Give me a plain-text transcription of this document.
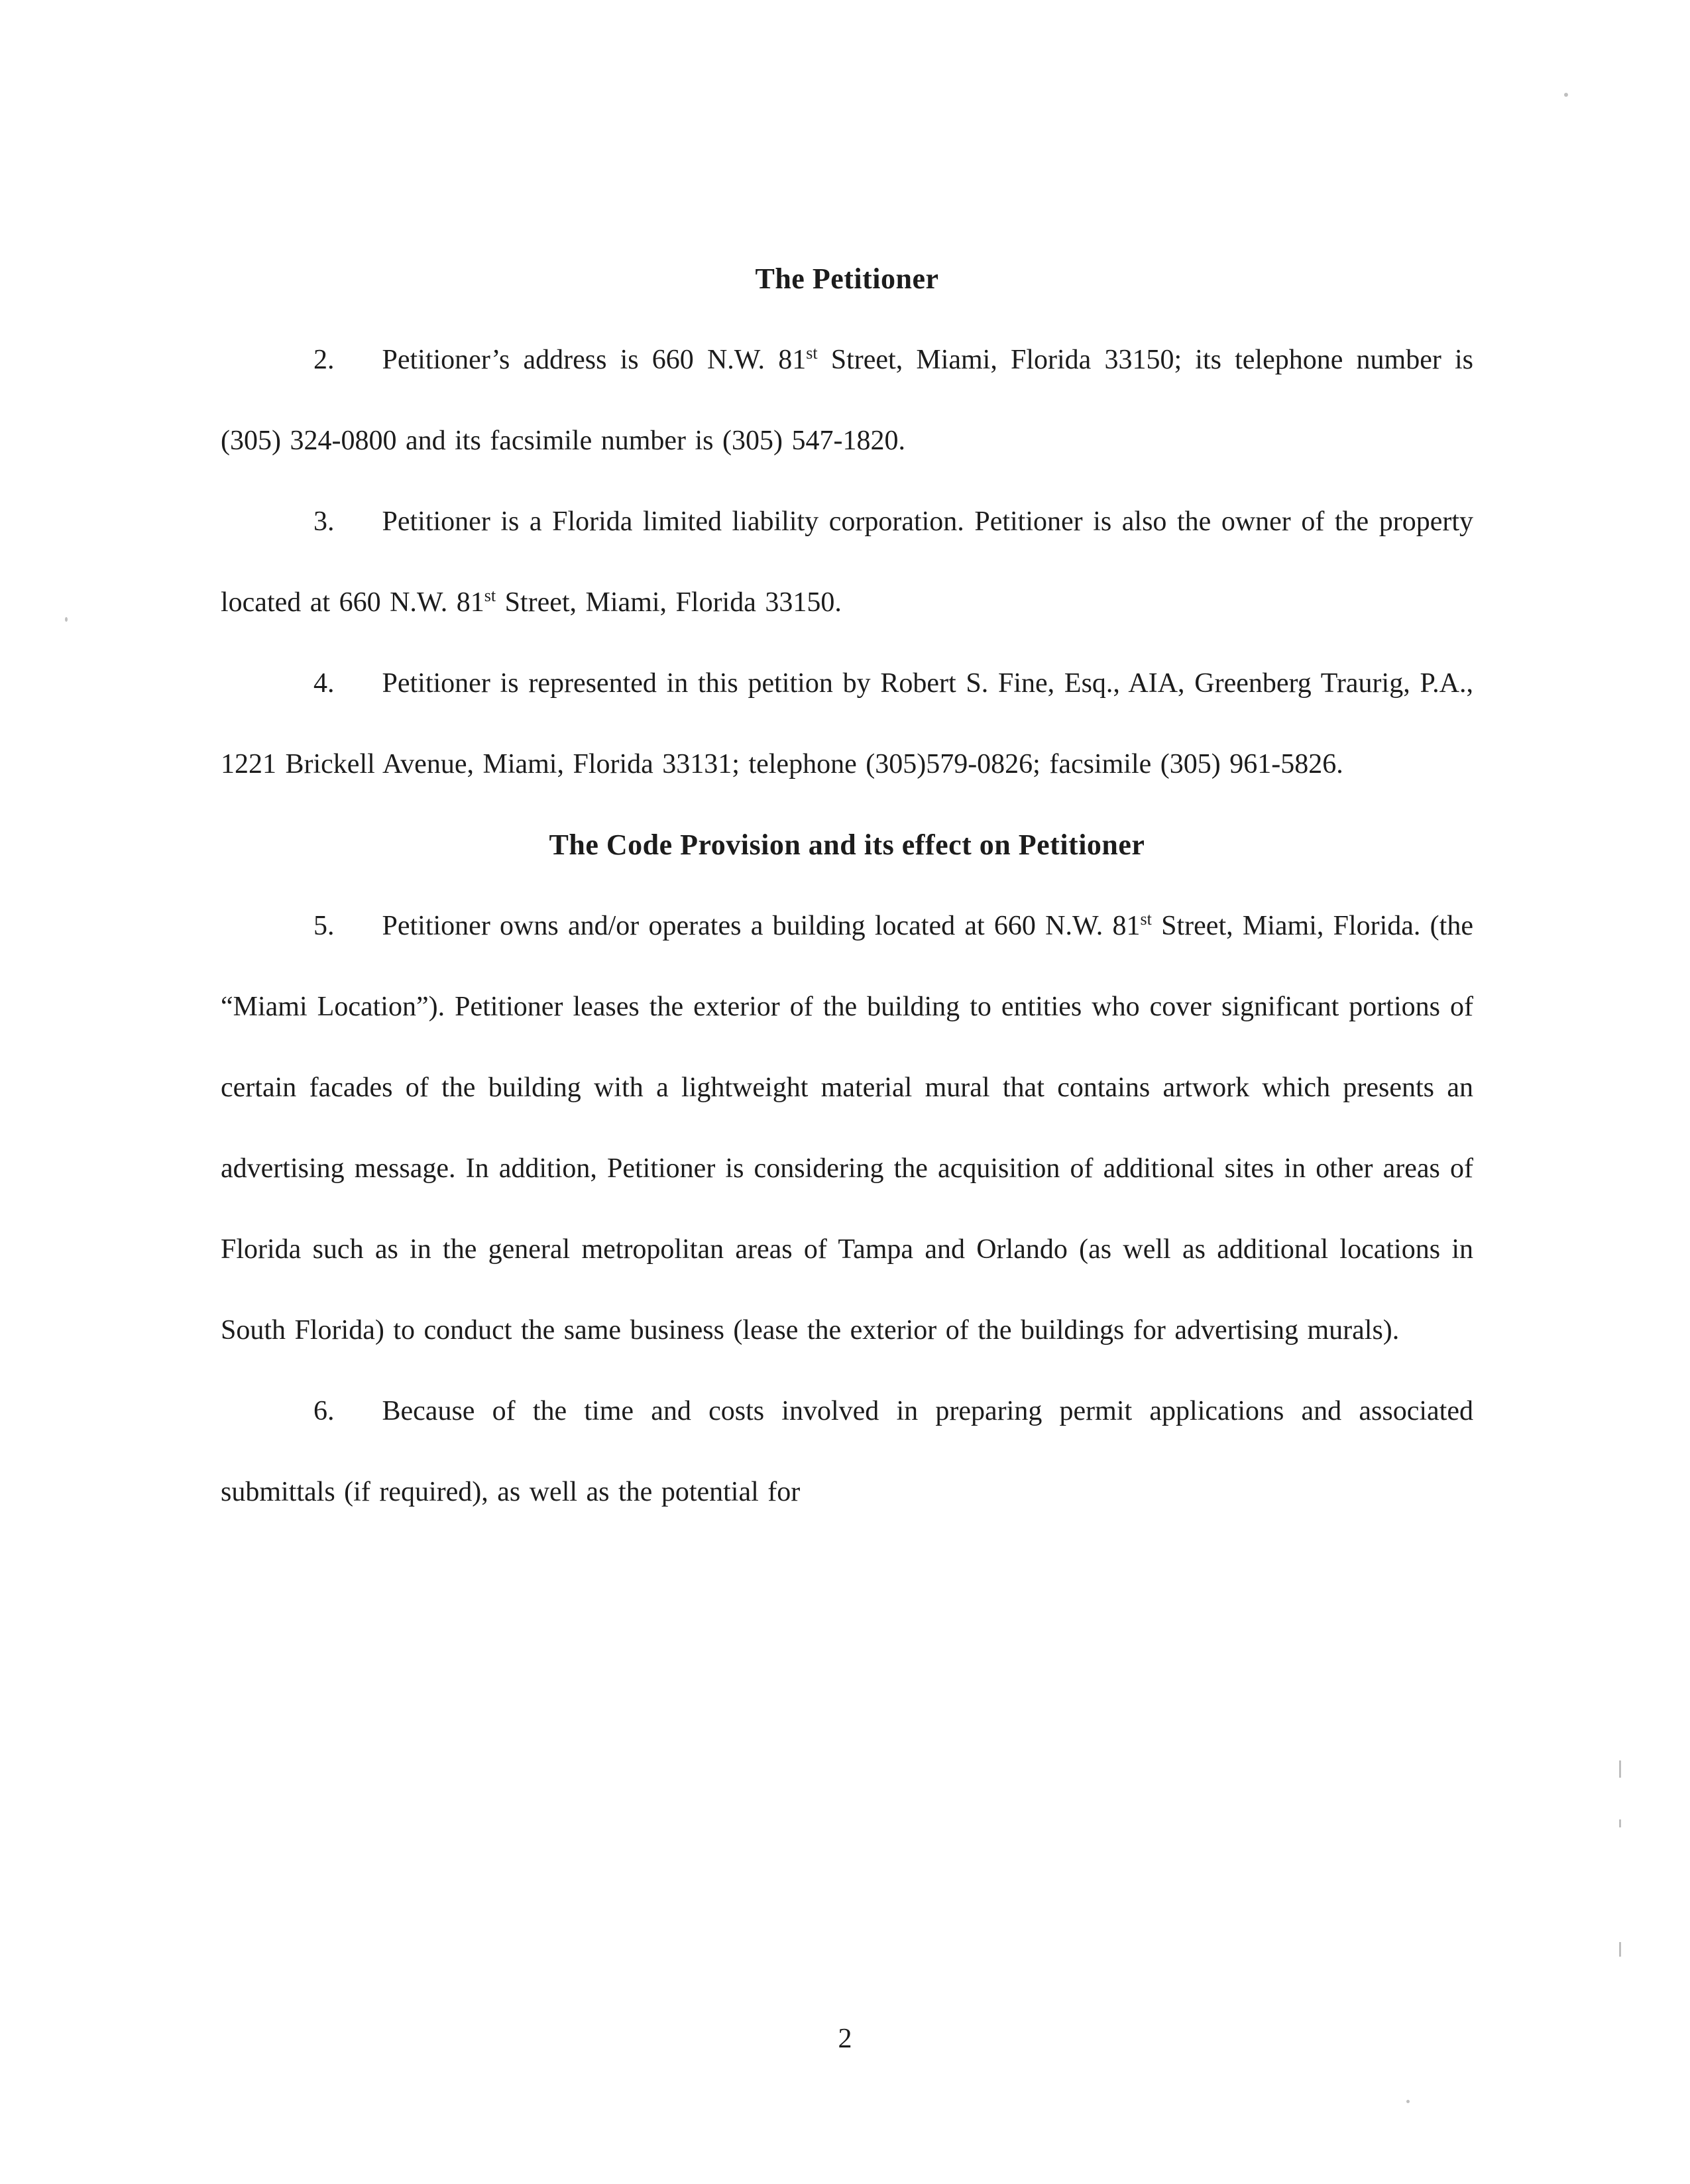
The Petitioner

2. Petitioner’s address is 660 N.W. 81st Street, Miami, Florida 33150; its telephone number is (305) 324-0800 and its facsimile number is (305) 547-1820.

3. Petitioner is a Florida limited liability corporation. Petitioner is also the owner of the property located at 660 N.W. 81st Street, Miami, Florida 33150.

4. Petitioner is represented in this petition by Robert S. Fine, Esq., AIA, Greenberg Traurig, P.A., 1221 Brickell Avenue, Miami, Florida 33131; telephone (305)579-0826; facsimile (305) 961-5826.

The Code Provision and its effect on Petitioner

5. Petitioner owns and/or operates a building located at 660 N.W. 81st Street, Miami, Florida. (the “Miami Location”). Petitioner leases the exterior of the building to entities who cover significant portions of certain facades of the building with a lightweight material mural that contains artwork which presents an advertising message. In addition, Petitioner is considering the acquisition of additional sites in other areas of Florida such as in the general metropolitan areas of Tampa and Orlando (as well as additional locations in South Florida) to conduct the same business (lease the exterior of the buildings for advertising murals).

6. Because of the time and costs involved in preparing permit applications and associated submittals (if required), as well as the potential for

2
